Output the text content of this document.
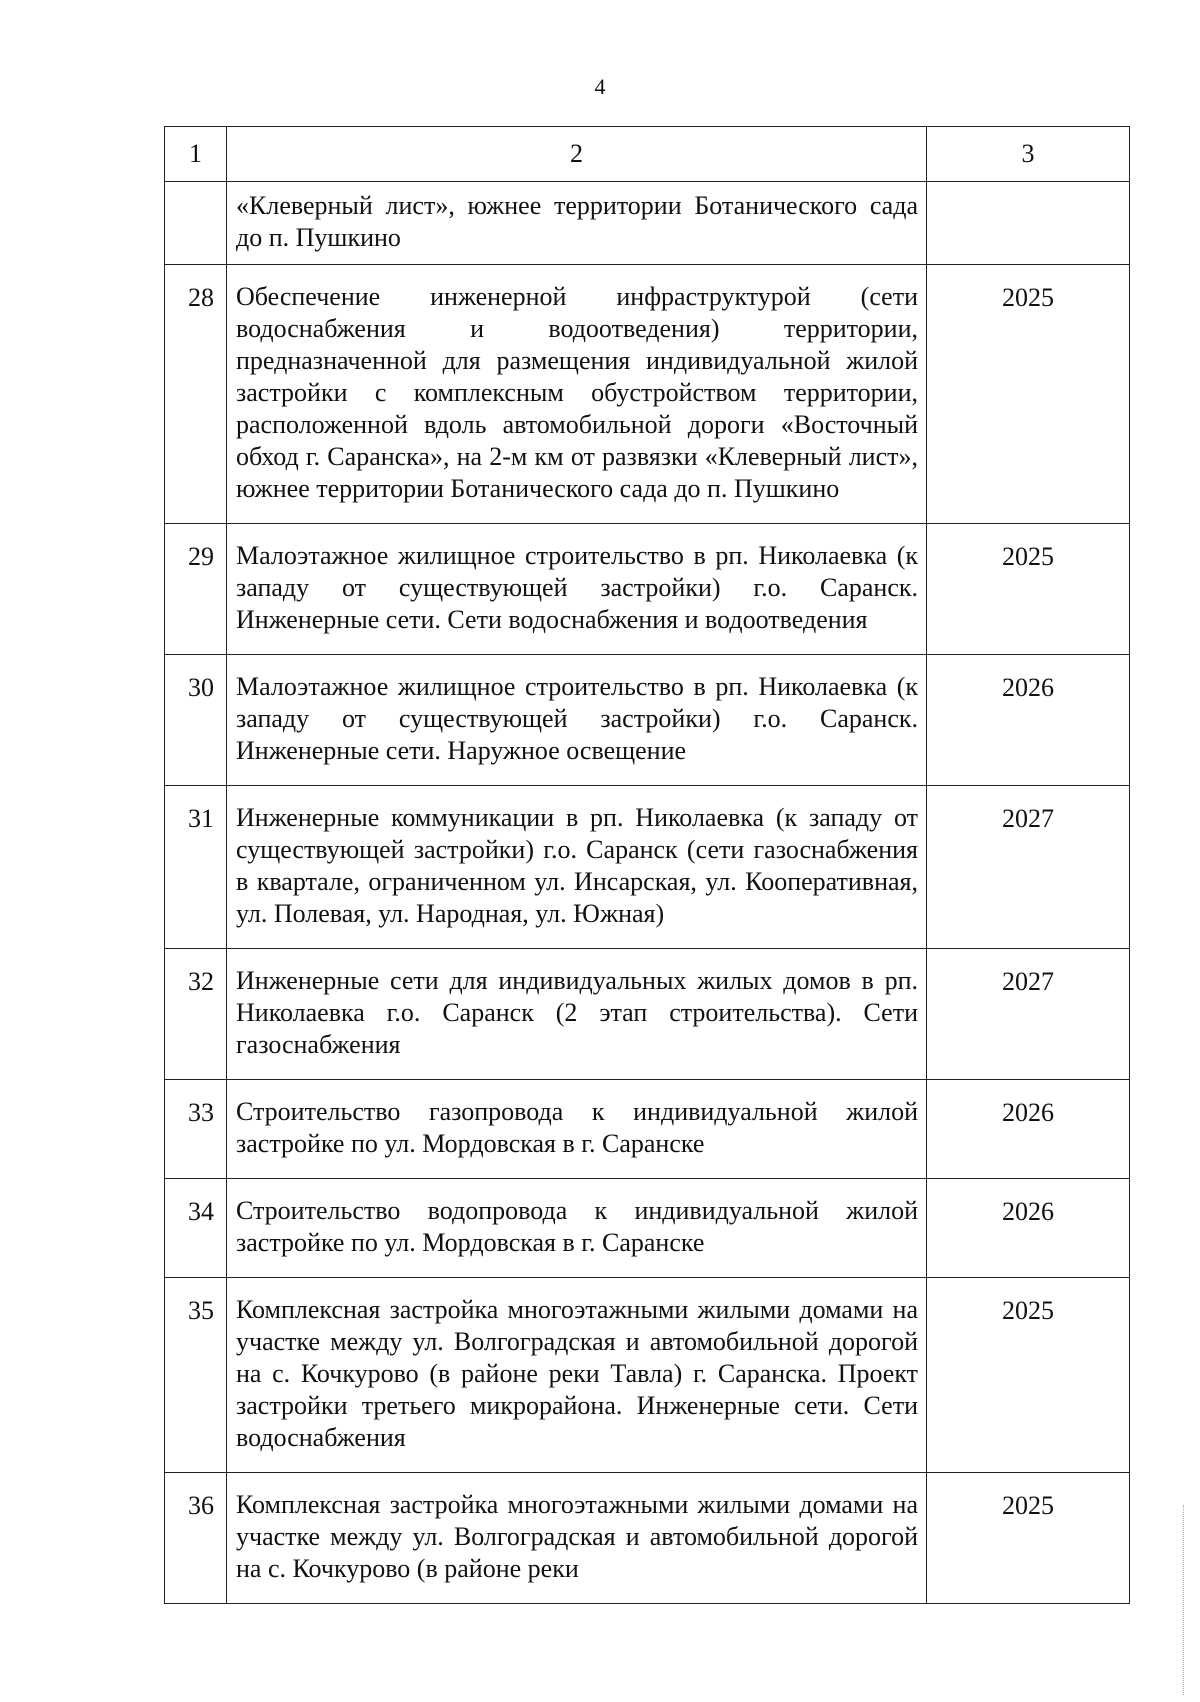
4
1	2	3
	«Клеверный лист», южнее территории Ботанического сада до п. Пушкино	
28	Обеспечение инженерной инфраструктурой (сети водоснабжения и водоотведения) территории, предназначенной для размещения индивидуальной жилой застройки с комплексным обустройством территории, расположенной вдоль автомобильной дороги «Восточный обход г. Саранска», на 2-м км от развязки «Клеверный лист», южнее территории Ботанического сада до п. Пушкино	2025
29	Малоэтажное жилищное строительство в рп. Николаевка (к западу от существующей застройки) г.о. Саранск. Инженерные сети. Сети водоснабжения и водоотведения	2025
30	Малоэтажное жилищное строительство в рп. Николаевка (к западу от существующей застройки) г.о. Саранск. Инженерные сети. Наружное освещение	2026
31	Инженерные коммуникации в рп. Николаевка (к западу от существующей застройки) г.о. Саранск (сети газоснабжения в квартале, ограниченном ул. Инсарская, ул. Кооперативная, ул. Полевая, ул. Народная, ул. Южная)	2027
32	Инженерные сети для индивидуальных жилых домов в рп. Николаевка г.о. Саранск (2 этап строительства). Сети газоснабжения	2027
33	Строительство газопровода к индивидуальной жилой застройке по ул. Мордовская в г. Саранске	2026
34	Строительство водопровода к индивидуальной жилой застройке по ул. Мордовская в г. Саранске	2026
35	Комплексная застройка многоэтажными жилыми домами на участке между ул. Волгоградская и автомобильной дорогой на с. Кочкурово (в районе реки Тавла) г. Саранска. Проект застройки третьего микрорайона. Инженерные сети. Сети водоснабжения	2025
36	Комплексная застройка многоэтажными жилыми домами на участке между ул. Волгоградская и автомобильной дорогой на с. Кочкурово (в районе реки	2025
